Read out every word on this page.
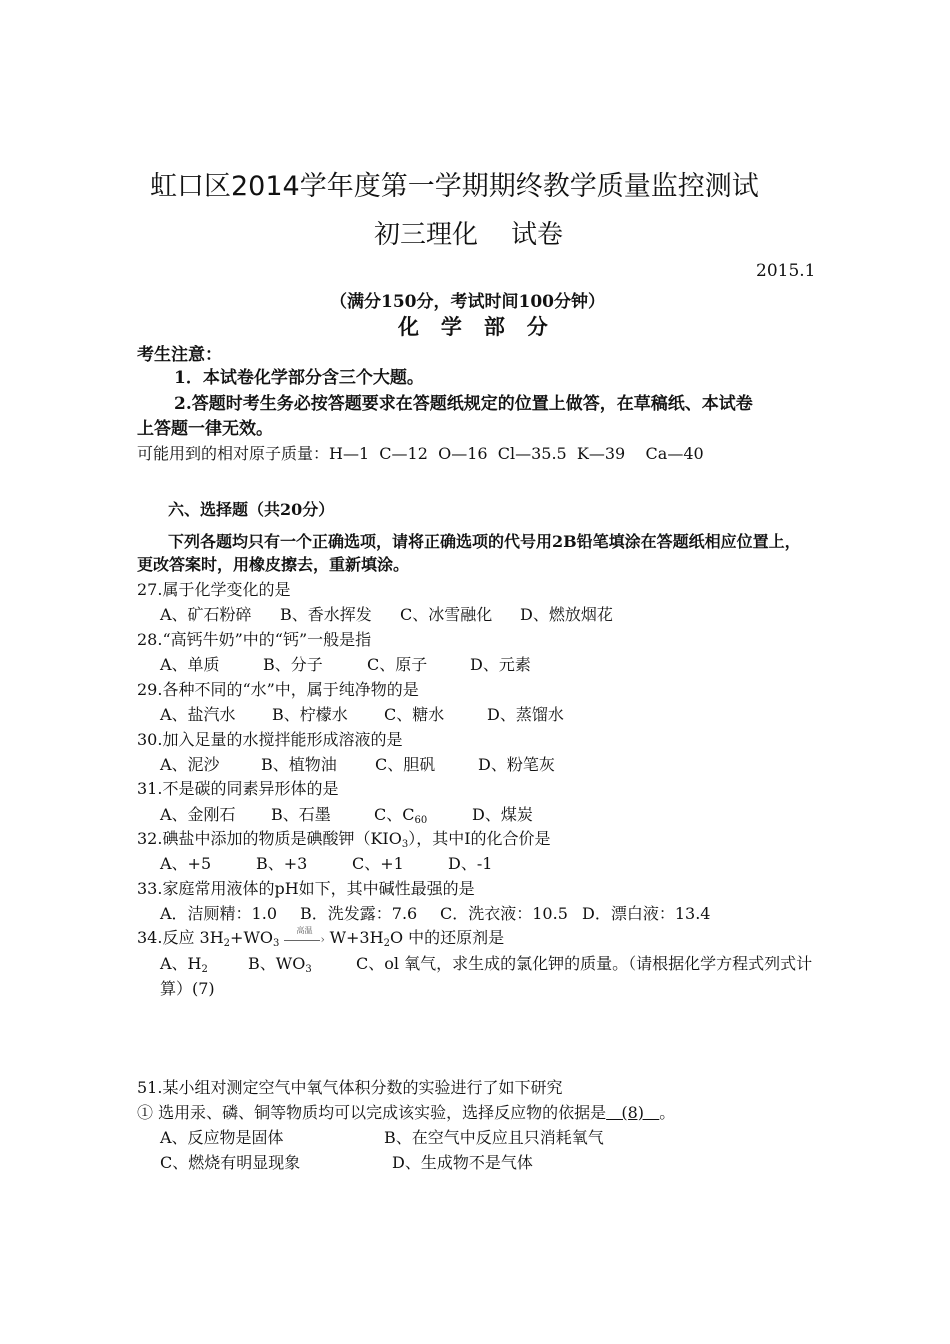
虹口区2014学年度第一学期期终教学质量监控测试
初三理化    试卷
2015.1
（满分150分，考试时间100分钟）
化   学   部   分
考生注意：
1．本试卷化学部分含三个大题。
2.答题时考生务必按答题要求在答题纸规定的位置上做答，在草稿纸、本试卷
上答题一律无效。
可能用到的相对原子质量：H—1  C—12  O—16  Cl—35.5  K—39    Ca—40
六、选择题（共20分）
下列各题均只有一个正确选项，请将正确选项的代号用2B铅笔填涂在答题纸相应位置上，
更改答案时，用橡皮擦去，重新填涂。
27.属于化学变化的是
A、矿石粉碎 B、香水挥发 C、冰雪融化 D、燃放烟花
28.“高钙牛奶”中的“钙”一般是指
A、单质	B、分子	C、原子	D、元素
29.各种不同的“水”中，属于纯净物的是
A、盐汽水 B、柠檬水 C、糖水	D、蒸馏水
30.加入足量的水搅拌能形成溶液的是
A、泥沙	B、植物油 C、胆矾	D、粉笔灰
31.不是碳的同素异形体的是
A、金刚石 B、石墨	C、$C_{60}$	D、煤炭
32.碘盐中添加的物质是碘酸钾$(KIO_3)$，其中I的化合价是
A、+5	B、+3	C、+1	D、-1
33.家庭常用液体的pH如下，其中碱性最强的是
A．洁厕精：1.0 B．洗发露：7.6 C．洗衣液：10.5 D．漂白液：13.4
34.反应 $3H_2+WO_3$
高温
› $W+3H_2O$ 中的还原剂是
A、$H_2$	B、$WO_3$	C、ol 氧气，求生成的氯化钾的质量。（请根据化学方程式列式计
算）(7)
51.某小组对测定空气中氧气体积分数的实验进行了如下研究
① 选用汞、磷、铜等物质均可以完成该实验，选择反应物的依据是   (8)   。
A、反应物是固体	B、在空气中反应且只消耗氧气
C、燃烧有明显现象	D、生成物不是气体
